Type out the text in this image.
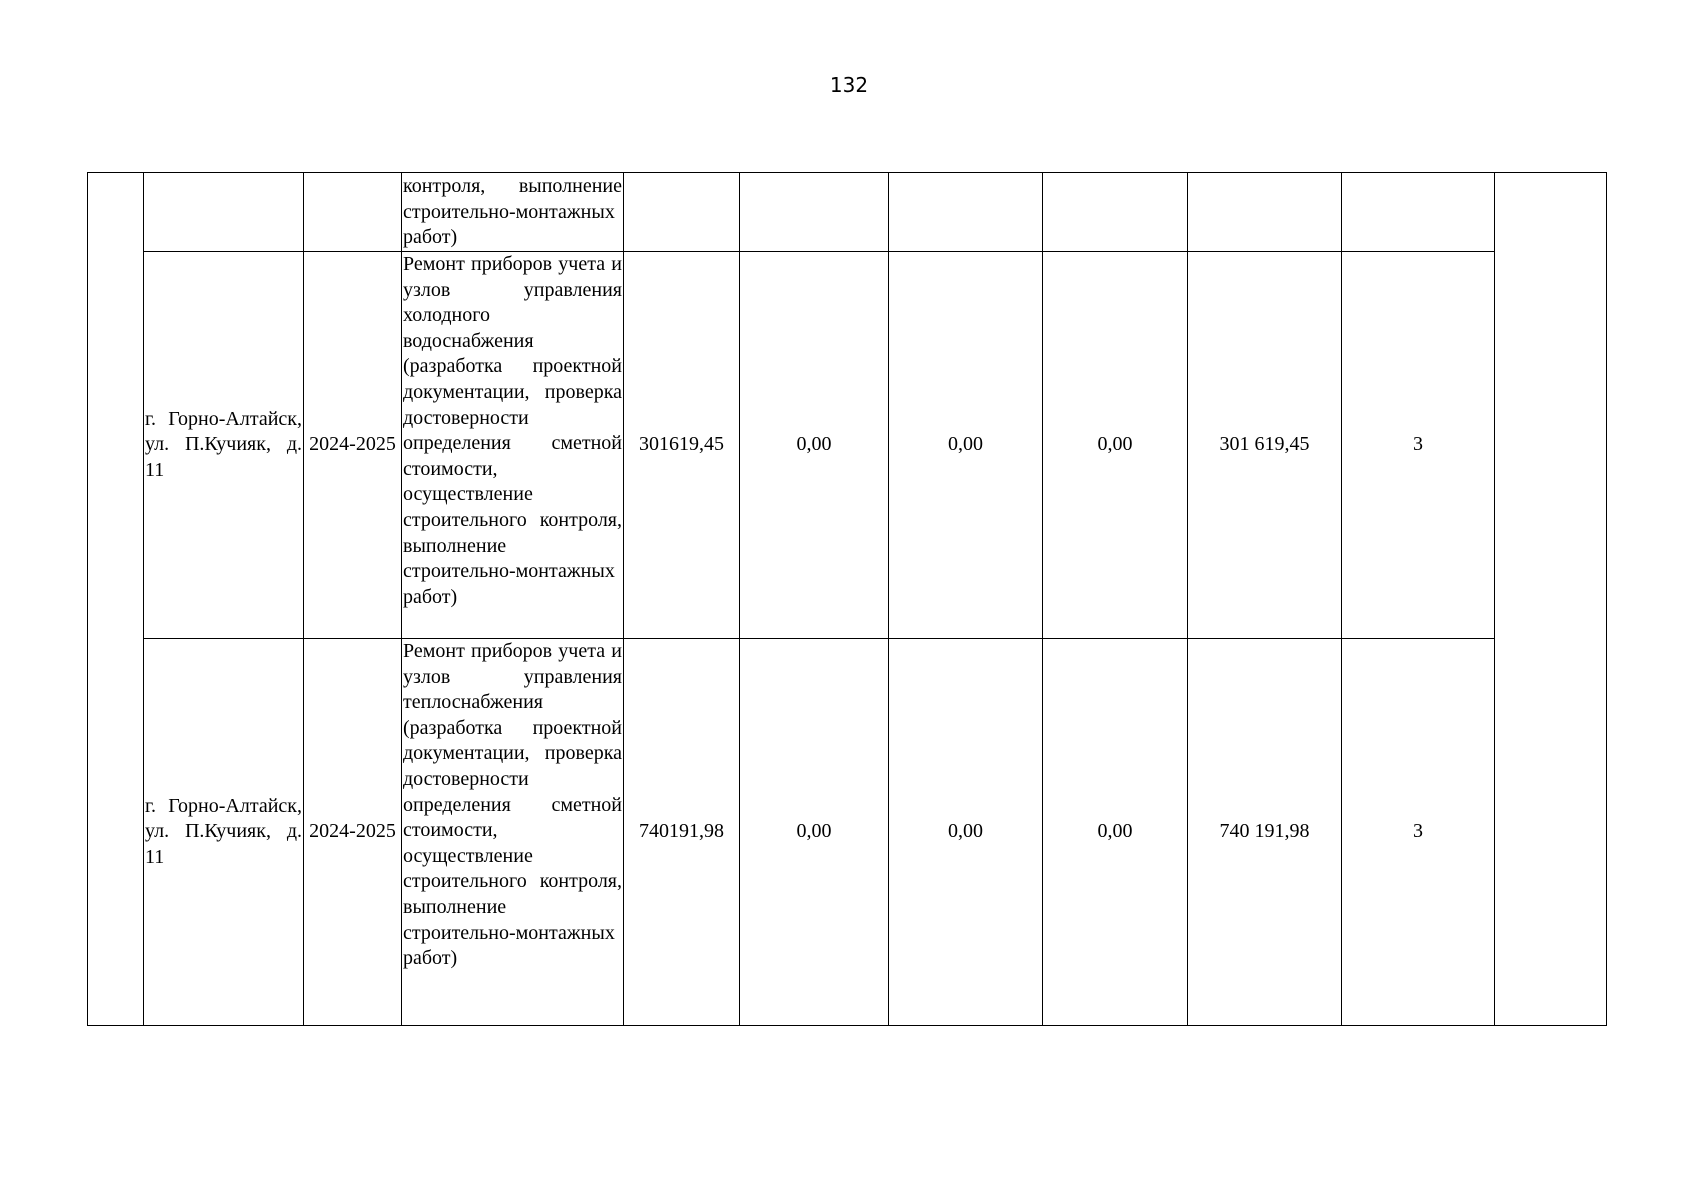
132
			контроля, выполнение строительно-монтажных работ)							
	г. Горно-Алтайск, ул. П.Кучияк, д. 11	2024-2025	Ремонт приборов учета и узлов управления холодного водоснабжения (разработка проектной документации, проверка достоверности определения сметной стоимости, осуществление строительного контроля, выполнение строительно-монтажных работ)	301619,45	0,00	0,00	0,00	301 619,45	3	
	г. Горно-Алтайск, ул. П.Кучияк, д. 11	2024-2025	Ремонт приборов учета и узлов управления теплоснабжения (разработка проектной документации, проверка достоверности определения сметной стоимости, осуществление строительного контроля, выполнение строительно-монтажных работ)	740191,98	0,00	0,00	0,00	740 191,98	3	
